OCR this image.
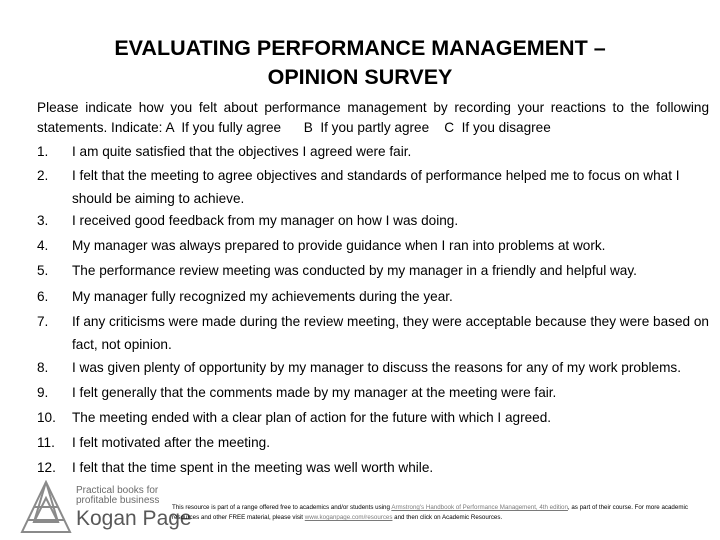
EVALUATING PERFORMANCE MANAGEMENT –
OPINION SURVEY
Please indicate how you felt about performance management by recording your reactions to the following
statements. Indicate: A  If you fully agree      B  If you partly agree    C  If you disagree
1.	I am quite satisfied that the objectives I agreed were fair.
2.	I felt that the meeting to agree objectives and standards of performance helped me to focus on what I should be aiming to achieve.
3.	I received good feedback from my manager on how I was doing.
4.	My manager was always prepared to provide guidance when I ran into problems at work.
5.	The performance review meeting was conducted by my manager in a friendly and helpful way.
6.	My manager fully recognized my achievements during the year.
7.	If any criticisms were made during the review meeting, they were acceptable because they were based on fact, not opinion.
8.	I was given plenty of opportunity by my manager to discuss the reasons for any of my work problems.
9.	I felt generally that the comments made by my manager at the meeting were fair.
10.	The meeting ended with a clear plan of action for the future with which I agreed.
11.	I felt motivated after the meeting.
12.	I felt that the time spent in the meeting was well worth while.
Practical books for profitable business
Kogan Page
This resource is part of a range offered free to academics and/or students using Armstrong's Handbook of Performance Management, 4th edition, as part of their course. For more academic resources and other FREE material, please visit www.koganpage.com/resources and then click on Academic Resources.
